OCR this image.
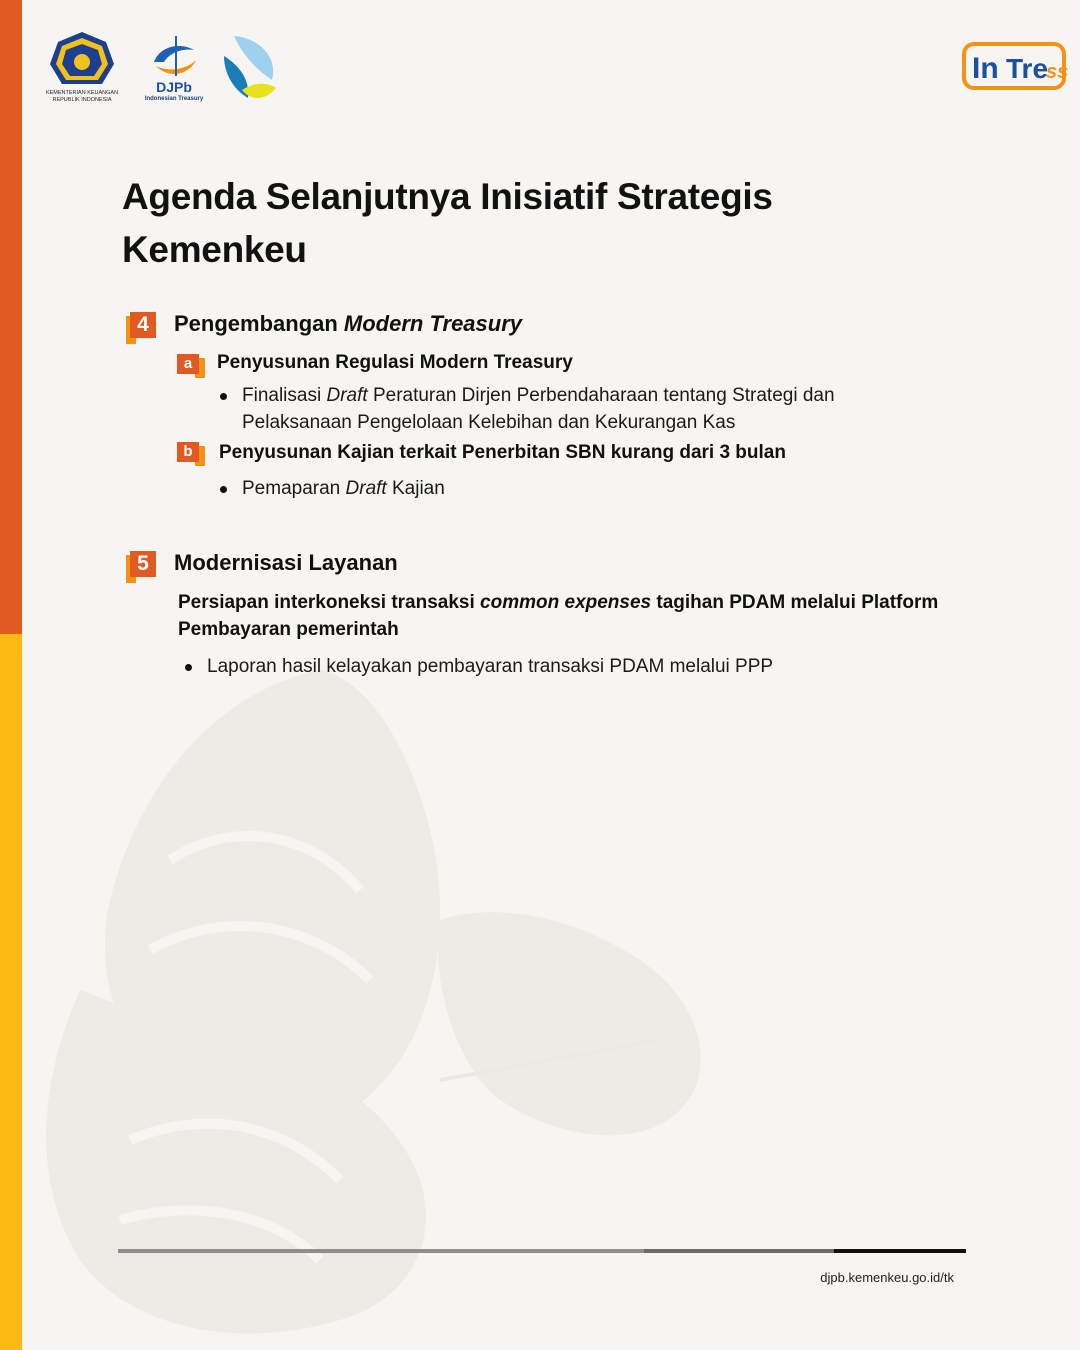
KEMENTERIAN KEUANGAN
REPUBLIK INDONESIA
DJPb
Indonesian Treasury
In Tre
ss
Agenda Selanjutnya Inisiatif Strategis Kemenkeu
4	Pengembangan Modern Treasury
a	Penyusunan Regulasi Modern Treasury
Finalisasi Draft Peraturan Dirjen Perbendaharaan tentang Strategi dan Pelaksanaan Pengelolaan Kelebihan dan Kekurangan Kas
b	Penyusunan Kajian terkait Penerbitan SBN kurang dari 3 bulan
Pemaparan Draft Kajian
5	Modernisasi Layanan
Persiapan interkoneksi transaksi common expenses tagihan PDAM melalui Platform Pembayaran pemerintah
Laporan hasil kelayakan pembayaran transaksi PDAM melalui PPP
djpb.kemenkeu.go.id/tk
